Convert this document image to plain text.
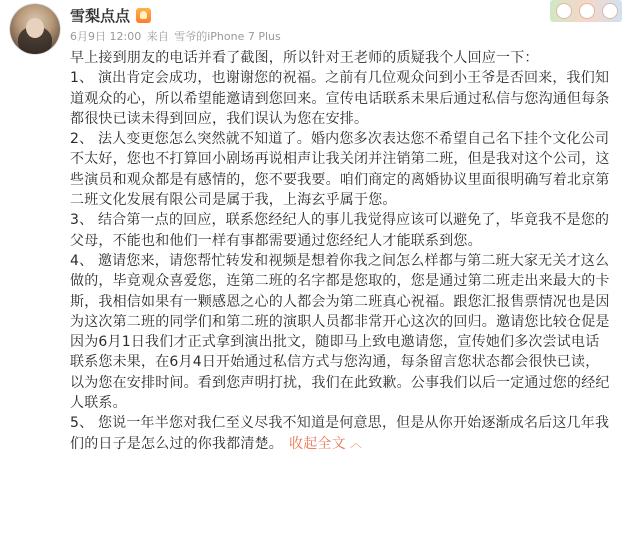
雪梨点点
6月9日 12:00 来自 雪爷的iPhone 7 Plus

早上接到朋友的电话并看了截图，所以针对王老师的质疑我个人回应一下：

1、 演出肯定会成功，也谢谢您的祝福。之前有几位观众问到小王爷是否回来，我们知道观众的心，所以希望能邀请到您回来。宣传电话联系未果后通过私信与您沟通但每条都很快已读未得到回应，我们误认为您在安排。

2、 法人变更您怎么突然就不知道了。婚内您多次表达您不希望自己名下挂个文化公司不太好，您也不打算回小剧场再说相声让我关闭并注销第二班，但是我对这个公司，这些演员和观众都是有感情的，您不要我要。咱们商定的离婚协议里面很明确写着北京第二班文化发展有限公司是属于我，上海玄乎属于您。

3、 结合第一点的回应，联系您经纪人的事儿我觉得应该可以避免了，毕竟我不是您的父母，不能也和他们一样有事都需要通过您经纪人才能联系到您。

4、 邀请您来，请您帮忙转发和视频是想着你我之间怎么样都与第二班大家无关才这么做的，毕竟观众喜爱您，连第二班的名字都是您取的，您是通过第二班走出来最大的卡斯，我相信如果有一颗感恩之心的人都会为第二班真心祝福。跟您汇报售票情况也是因为这次第二班的同学们和第二班的演职人员都非常开心这次的回归。邀请您比较仓促是因为6月1日我们才正式拿到演出批文，随即马上致电邀请您，宣传她们多次尝试电话联系您未果，在6月4日开始通过私信方式与您沟通，每条留言您状态都会很快已读，以为您在安排时间。看到您声明打扰，我们在此致歉。公事我们以后一定通过您的经纪人联系。

5、 您说一年半您对我仁至义尽我不知道是何意思，但是从你开始逐渐成名后这几年我们的日子是怎么过的你我都清楚。 收起全文 ︿
